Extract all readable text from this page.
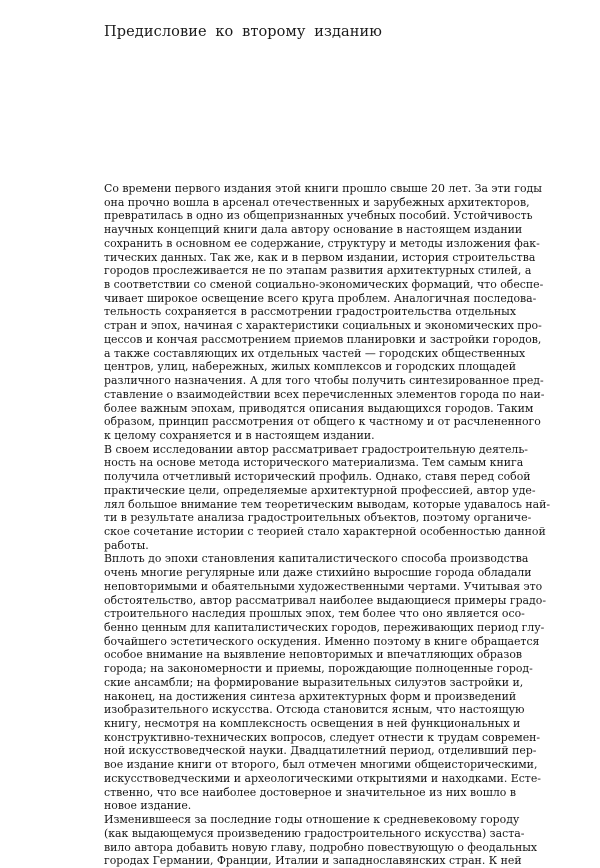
Предисловие ко второму изданию
Со времени первого издания этой книги прошло свыше 20 лет. За эти годы
она прочно вошла в арсенал отечественных и зарубежных архитекторов,
превратилась в одно из общепризнанных учебных пособий. Устойчивость
научных концепций книги дала автору основание в настоящем издании
сохранить в основном ее содержание, структуру и методы изложения фак-
тических данных. Так же, как и в первом издании, история строительства
городов прослеживается не по этапам развития архитектурных стилей, а
в соответствии со сменой социально-экономических формаций, что обеспе-
чивает широкое освещение всего круга проблем. Аналогичная последова-
тельность сохраняется в рассмотрении градостроительства отдельных
стран и эпох, начиная с характеристики социальных и экономических про-
цессов и кончая рассмотрением приемов планировки и застройки городов,
а также составляющих их отдельных частей — городских общественных
центров, улиц, набережных, жилых комплексов и городских площадей
различного назначения. А для того чтобы получить синтезированное пред-
ставление о взаимодействии всех перечисленных элементов города по наи-
более важным эпохам, приводятся описания выдающихся городов. Таким
образом, принцип рассмотрения от общего к частному и от расчлененного
к целому сохраняется и в настоящем издании.
В своем исследовании автор рассматривает градостроительную деятель-
ность на основе метода исторического материализма. Тем самым книга
получила отчетливый исторический профиль. Однако, ставя перед собой
практические цели, определяемые архитектурной профессией, автор уде-
лял большое внимание тем теоретическим выводам, которые удавалось най-
ти в результате анализа градостроительных объектов, поэтому органиче-
ское сочетание истории с теорией стало характерной особенностью данной
работы.
Вплоть до эпохи становления капиталистического способа производства
очень многие регулярные или даже стихийно выросшие города обладали
неповторимыми и обаятельными художественными чертами. Учитывая это
обстоятельство, автор рассматривал наиболее выдающиеся примеры градо-
строительного наследия прошлых эпох, тем более что оно является осо-
бенно ценным для капиталистических городов, переживающих период глу-
бочайшего эстетического оскудения. Именно поэтому в книге обращается
особое внимание на выявление неповторимых и впечатляющих образов
города; на закономерности и приемы, порождающие полноценные город-
ские ансамбли; на формирование выразительных силуэтов застройки и,
наконец, на достижения синтеза архитектурных форм и произведений
изобразительного искусства. Отсюда становится ясным, что настоящую
книгу, несмотря на комплексность освещения в ней функциональных и
конструктивно-технических вопросов, следует отнести к трудам современ-
ной искусствоведческой науки. Двадцатилетний период, отделивший пер-
вое издание книги от второго, был отмечен многими общеисторическими,
искусствоведческими и археологическими открытиями и находками. Есте-
ственно, что все наиболее достоверное и значительное из них вошло в
новое издание.
Изменившееся за последние годы отношение к средневековому городу
(как выдающемуся произведению градостроительного искусства) заста-
вило автора добавить новую главу, подробно повествующую о феодальных
городах Германии, Франции, Италии и западнославянских стран. К ней
